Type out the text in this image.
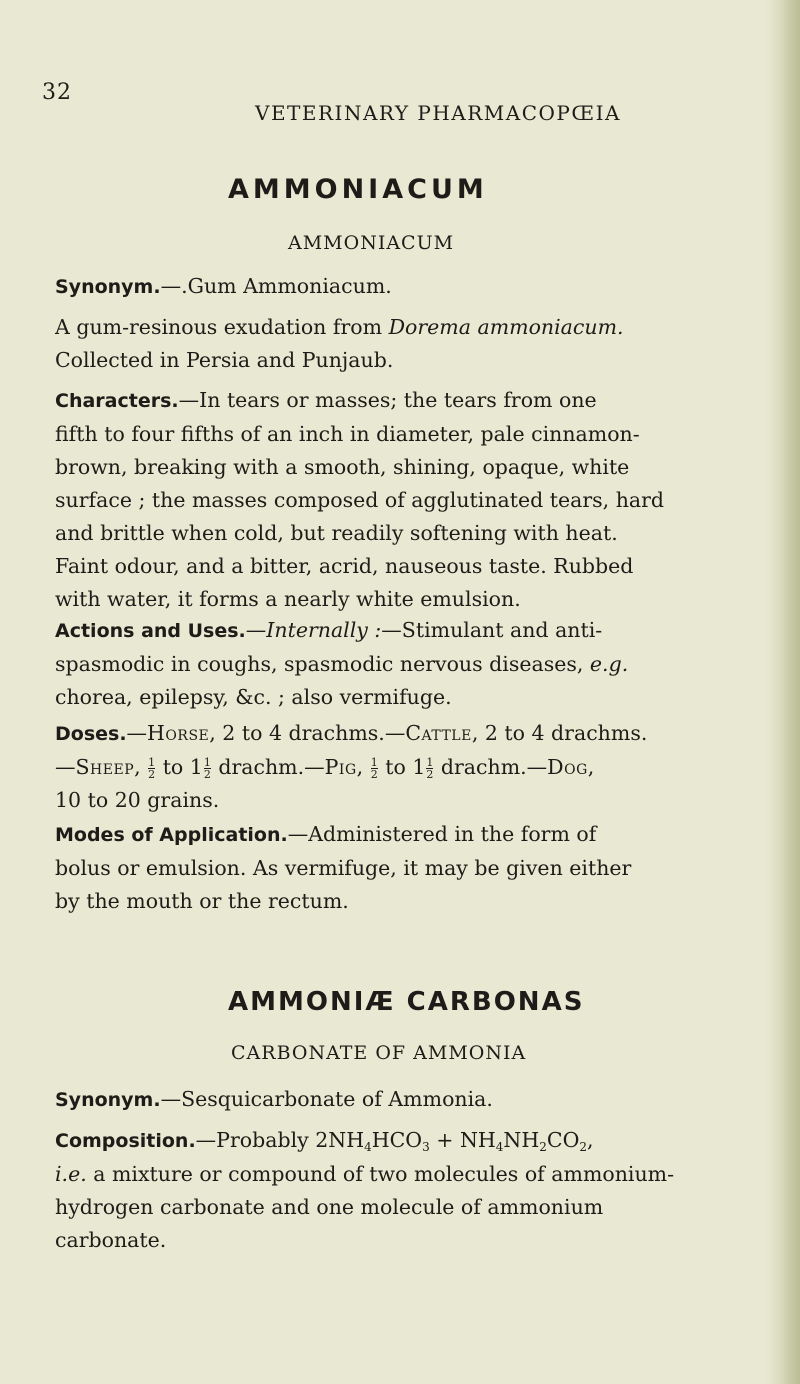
32
VETERINARY PHARMACOPŒIA
AMMONIACUM
AMMONIACUM
Synonym.—.Gum Ammoniacum.
A gum-resinous exudation from Dorema ammoniacum.
Collected in Persia and Punjaub.
Characters.—In tears or masses; the tears from one
fifth to four fifths of an inch in diameter, pale cinnamon-
brown, breaking with a smooth, shining, opaque, white
surface ; the masses composed of agglutinated tears, hard
and brittle when cold, but readily softening with heat.
Faint odour, and a bitter, acrid, nauseous taste. Rubbed
with water, it forms a nearly white emulsion.
Actions and Uses.—Internally :—Stimulant and anti-
spasmodic in coughs, spasmodic nervous diseases, e.g.
chorea, epilepsy, &c. ; also vermifuge.
Doses.—Horse, 2 to 4 drachms.—Cattle, 2 to 4 drachms.
—Sheep, $\frac{1}{2}$ to $1 \frac{1}{2}$ drachm.—Pig, $\frac{1}{2}$ to $1 \frac{1}{2}$ drachm.—Dog,
10 to 20 grains.
Modes of Application.—Administered in the form of
bolus or emulsion. As vermifuge, it may be given either
by the mouth or the rectum.
AMMONIÆ CARBONAS
CARBONATE OF AMMONIA
Synonym.—Sesquicarbonate of Ammonia.
Composition.—Probably $2NH_4HCO_3 + NH_4NH_2CO_2$,
i.e. a mixture or compound of two molecules of ammonium-
hydrogen carbonate and one molecule of ammonium
carbonate.
